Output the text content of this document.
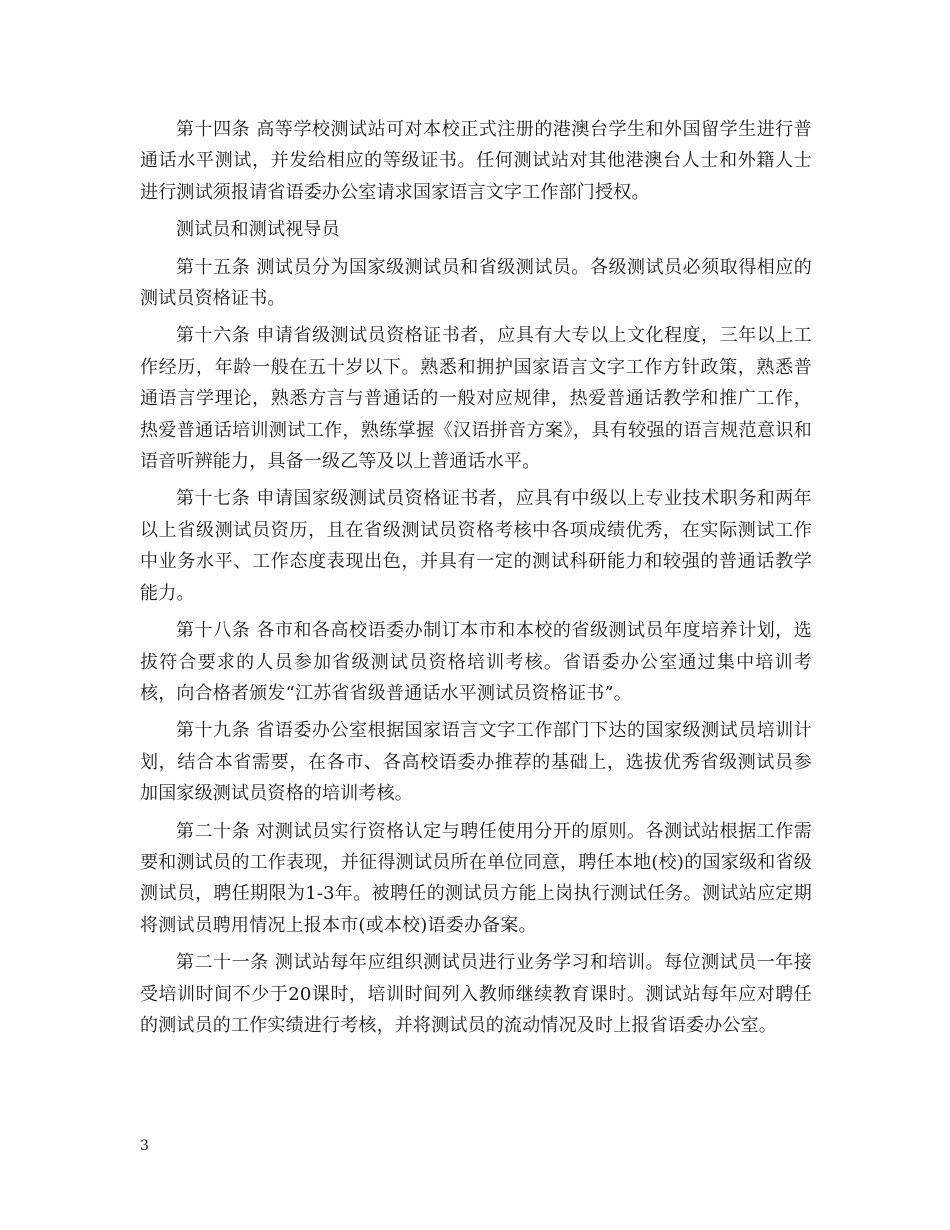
第十四条 高等学校测试站可对本校正式注册的港澳台学生和外国留学生进行普通话水平测试，并发给相应的等级证书。任何测试站对其他港澳台人士和外籍人士进行测试须报请省语委办公室请求国家语言文字工作部门授权。

测试员和测试视导员

第十五条 测试员分为国家级测试员和省级测试员。各级测试员必须取得相应的测试员资格证书。

第十六条 申请省级测试员资格证书者，应具有大专以上文化程度，三年以上工作经历，年龄一般在五十岁以下。熟悉和拥护国家语言文字工作方针政策，熟悉普通语言学理论，熟悉方言与普通话的一般对应规律，热爱普通话教学和推广工作，热爱普通话培训测试工作，熟练掌握《汉语拼音方案》，具有较强的语言规范意识和语音听辨能力，具备一级乙等及以上普通话水平。

第十七条 申请国家级测试员资格证书者，应具有中级以上专业技术职务和两年以上省级测试员资历，且在省级测试员资格考核中各项成绩优秀，在实际测试工作中业务水平、工作态度表现出色，并具有一定的测试科研能力和较强的普通话教学能力。

第十八条 各市和各高校语委办制订本市和本校的省级测试员年度培养计划，选拔符合要求的人员参加省级测试员资格培训考核。省语委办公室通过集中培训考核，向合格者颁发“江苏省省级普通话水平测试员资格证书”。

第十九条 省语委办公室根据国家语言文字工作部门下达的国家级测试员培训计划，结合本省需要，在各市、各高校语委办推荐的基础上，选拔优秀省级测试员参加国家级测试员资格的培训考核。

第二十条 对测试员实行资格认定与聘任使用分开的原则。各测试站根据工作需要和测试员的工作表现，并征得测试员所在单位同意，聘任本地(校)的国家级和省级测试员，聘任期限为1-3年。被聘任的测试员方能上岗执行测试任务。测试站应定期将测试员聘用情况上报本市(或本校)语委办备案。

第二十一条 测试站每年应组织测试员进行业务学习和培训。每位测试员一年接受培训时间不少于20课时，培训时间列入教师继续教育课时。测试站每年应对聘任的测试员的工作实绩进行考核，并将测试员的流动情况及时上报省语委办公室。

3
